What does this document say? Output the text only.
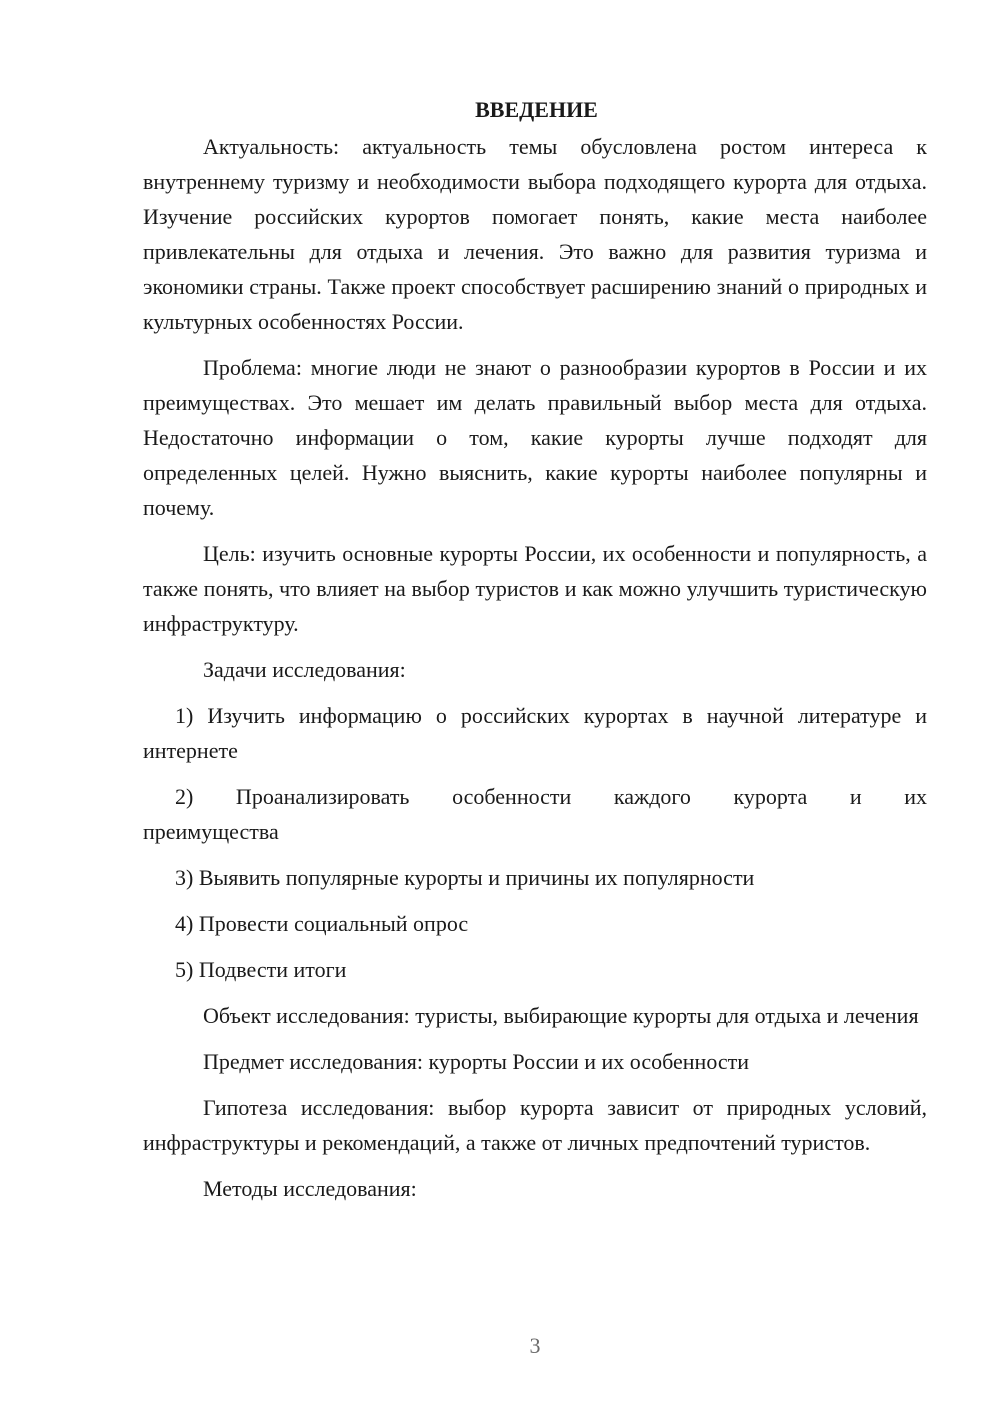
ВВЕДЕНИЕ

Актуальность: актуальность темы обусловлена ростом интереса к внутреннему туризму и необходимости выбора подходящего курорта для отдыха. Изучение российских курортов помогает понять, какие места наиболее привлекательны для отдыха и лечения. Это важно для развития туризма и экономики страны. Также проект способствует расширению знаний о природных и культурных особенностях России.

Проблема: многие люди не знают о разнообразии курортов в России и их преимуществах. Это мешает им делать правильный выбор места для отдыха. Недостаточно информации о том, какие курорты лучше подходят для определенных целей. Нужно выяснить, какие курорты наиболее популярны и почему.

Цель: изучить основные курорты России, их особенности и популярность, а также понять, что влияет на выбор туристов и как можно улучшить туристическую инфраструктуру.

Задачи исследования:

1) Изучить информацию о российских курортах в научной литературе и интернете

2) Проанализировать особенности каждого курорта и их

преимущества

3) Выявить популярные курорты и причины их популярности

4) Провести социальный опрос

5) Подвести итоги

Объект исследования: туристы, выбирающие курорты для отдыха и лечения

Предмет исследования: курорты России и их особенности

Гипотеза исследования: выбор курорта зависит от природных условий, инфраструктуры и рекомендаций, а также от личных предпочтений туристов.

Методы исследования:

3
